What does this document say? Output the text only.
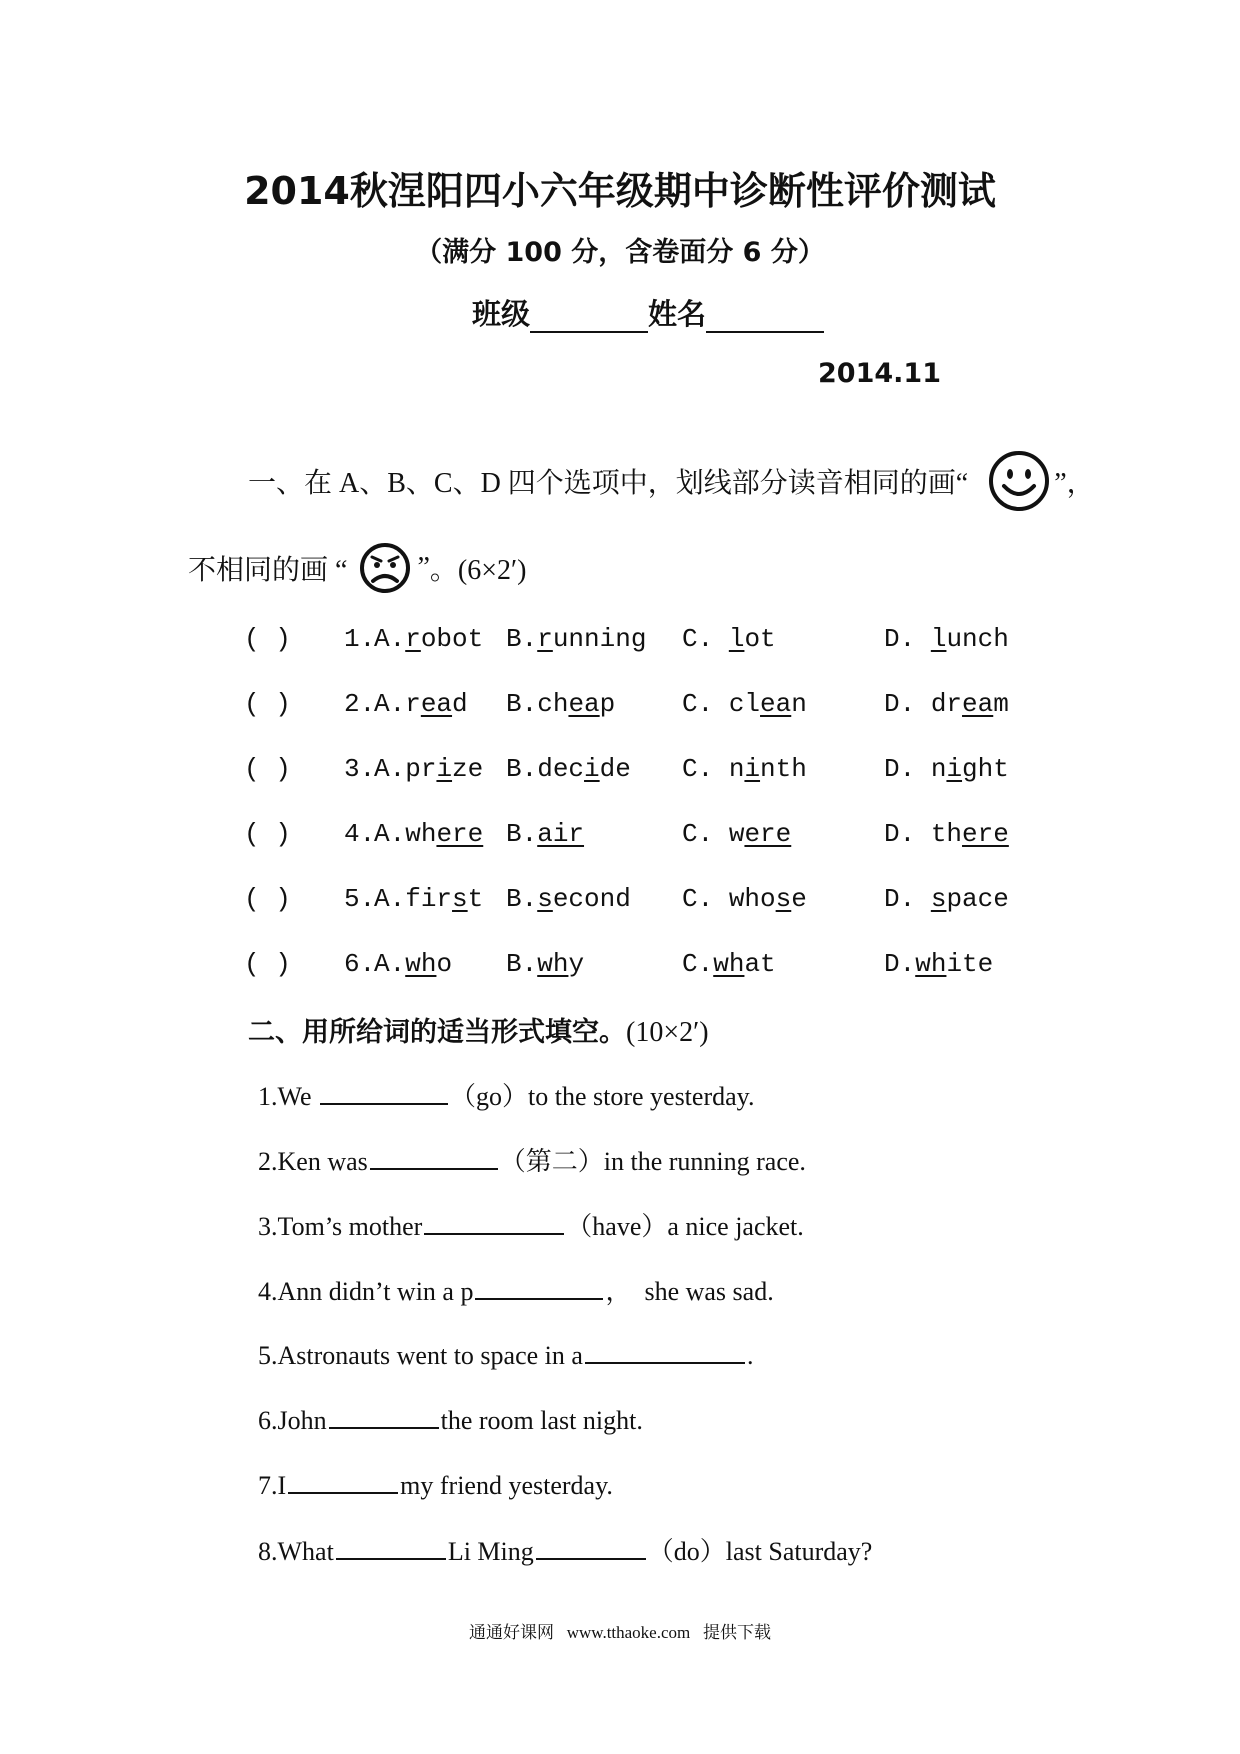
2014秋涅阳四小六年级期中诊断性评价测试
（满分 100 分，含卷面分 6 分）
班级	姓名
2014.11
一、在 A、B、C、D 四个选项中，划线部分读音相同的画“	”，
不相同的画 “	” 。(6×2′)
( ) 1.
A.robot B.running C. lot	D. lunch
( ) 2.
A.read B.cheap	C. clean	D. dream
( ) 3.
A.prize B.decide C. ninth	D. night
( ) 4.
A.where B.air	C. were	D. there
( ) 5.
A.first B.second C. whose	D. space
( ) 6.
A.who B.why	C.what	D.white
二、用所给词的适当形式填空。(10×2′)
1.We	（go）to the store yesterday.
2.Ken was	（第二）in the running race.
3.Tom’s mother	（have）a nice jacket.
4.Ann didn’t win a p	，  she was sad.
5.Astronauts went to space in a	.
6.John	the room last night.
7.I	my friend yesterday.
8.What	Li Ming	（do）last Saturday?
通通好课网   www.tthaoke.com   提供下载
